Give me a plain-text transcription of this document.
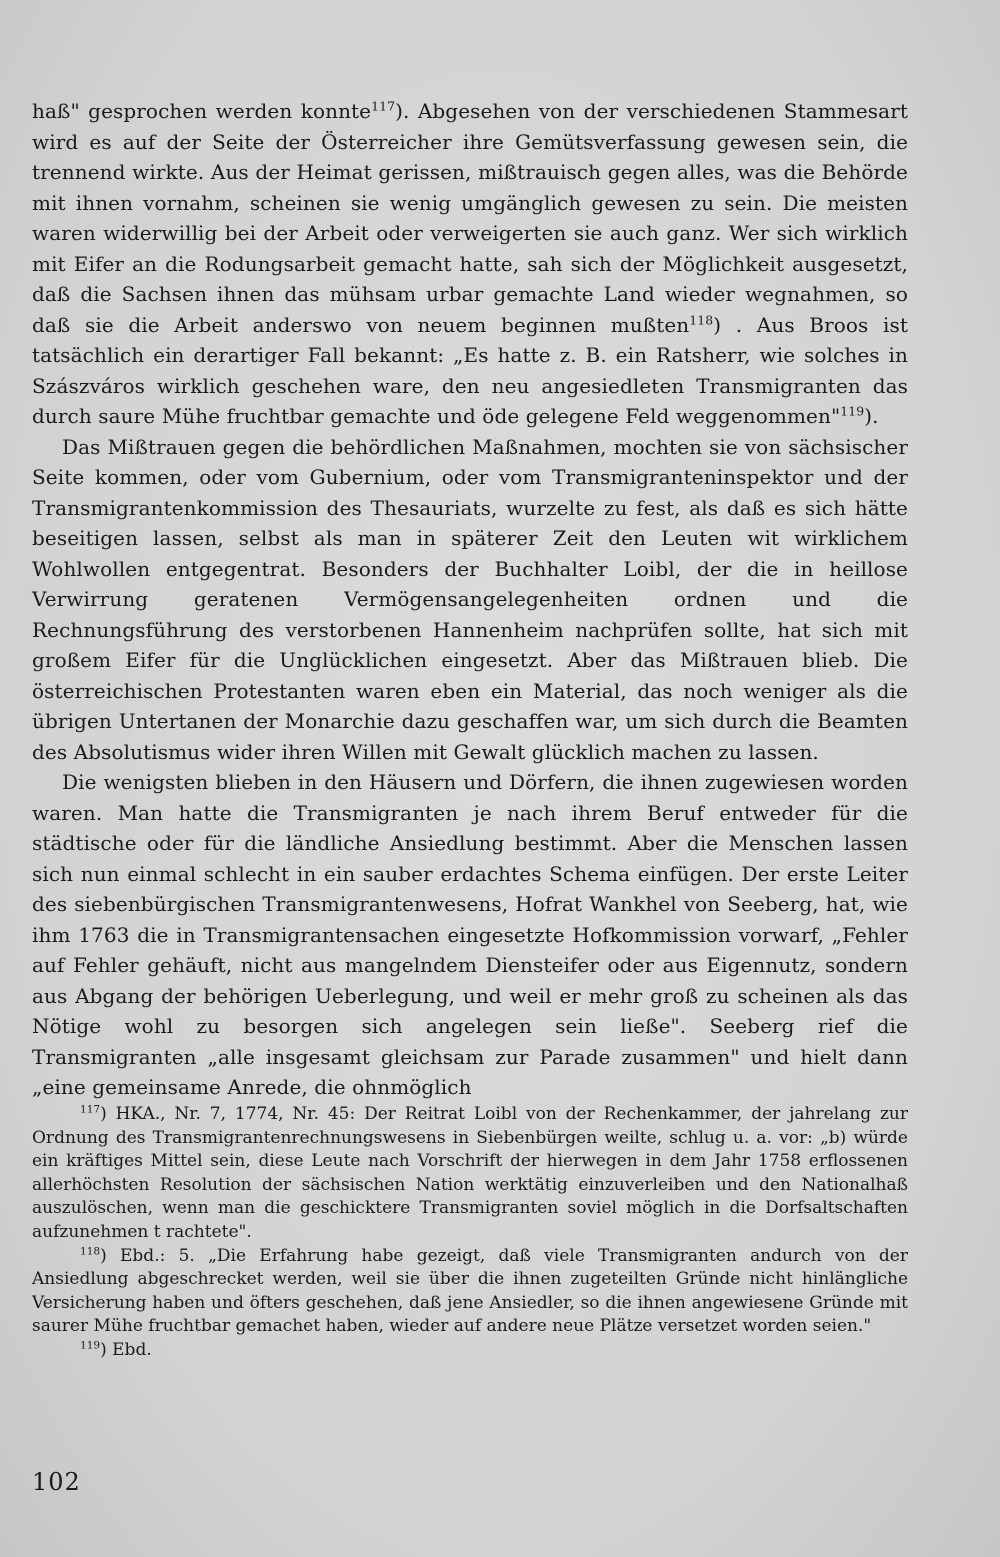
haß" gesprochen werden konnte$^{117}$). Abgesehen von der verschiedenen Stammesart wird es auf der Seite der Österreicher ihre Gemütsverfassung gewesen sein, die trennend wirkte. Aus der Heimat gerissen, mißtrauisch gegen alles, was die Behörde mit ihnen vornahm, scheinen sie wenig umgänglich gewesen zu sein. Die meisten waren widerwillig bei der Arbeit oder verweigerten sie auch ganz. Wer sich wirklich mit Eifer an die Rodungsarbeit gemacht hatte, sah sich der Möglichkeit ausgesetzt, daß die Sachsen ihnen das mühsam urbar gemachte Land wieder wegnahmen, so daß sie die Arbeit anderswo von neuem beginnen mußten$^{118}$) . Aus Broos ist tatsächlich ein derartiger Fall bekannt: „Es hatte z. B. ein Ratsherr, wie solches in Szászváros wirklich geschehen ware, den neu angesiedleten Transmigranten das durch saure Mühe fruchtbar gemachte und öde gelegene Feld weggenommen"$^{119}$).

Das Mißtrauen gegen die behördlichen Maßnahmen, mochten sie von sächsischer Seite kommen, oder vom Gubernium, oder vom Transmigranteninspektor und der Transmigrantenkommission des Thesauriats, wurzelte zu fest, als daß es sich hätte beseitigen lassen, selbst als man in späterer Zeit den Leuten wit wirklichem Wohlwollen entgegentrat. Besonders der Buchhalter Loibl, der die in heillose Verwirrung geratenen Vermögensangelegenheiten ordnen und die Rechnungsführung des verstorbenen Hannenheim nachprüfen sollte, hat sich mit großem Eifer für die Unglücklichen eingesetzt. Aber das Mißtrauen blieb. Die österreichischen Protestanten waren eben ein Material, das noch weniger als die übrigen Untertanen der Monarchie dazu geschaffen war, um sich durch die Beamten des Absolutismus wider ihren Willen mit Gewalt glücklich machen zu lassen.

Die wenigsten blieben in den Häusern und Dörfern, die ihnen zugewiesen worden waren. Man hatte die Transmigranten je nach ihrem Beruf entweder für die städtische oder für die ländliche Ansiedlung bestimmt. Aber die Menschen lassen sich nun einmal schlecht in ein sauber erdachtes Schema einfügen. Der erste Leiter des siebenbürgischen Transmigrantenwesens, Hofrat Wankhel von Seeberg, hat, wie ihm 1763 die in Transmigrantensachen eingesetzte Hofkommission vorwarf, „Fehler auf Fehler gehäuft, nicht aus mangelndem Diensteifer oder aus Eigennutz, sondern aus Abgang der behörigen Ueberlegung, und weil er mehr groß zu scheinen als das Nötige wohl zu besorgen sich angelegen sein ließe". Seeberg rief die Transmigranten „alle insgesamt gleichsam zur Parade zusammen" und hielt dann „eine gemeinsame Anrede, die ohnmöglich

$^{117}$) HKA., Nr. 7, 1774, Nr. 45: Der Reitrat Loibl von der Rechenkammer, der jahrelang zur Ordnung des Transmigrantenrechnungswesens in Siebenbürgen weilte, schlug u. a. vor: „b) würde ein kräftiges Mittel sein, diese Leute nach Vorschrift der hierwegen in dem Jahr 1758 erflossenen allerhöchsten Resolution der sächsischen Nation werktätig einzuverleiben und den Nationalhaß auszulöschen, wenn man die geschicktere Transmigranten soviel möglich in die Dorfsaltschaften aufzunehmen t rachtete".

$^{118}$) Ebd.: 5. „Die Erfahrung habe gezeigt, daß viele Transmigranten andurch von der Ansiedlung abgeschrecket werden, weil sie über die ihnen zugeteilten Gründe nicht hinlängliche Versicherung haben und öfters geschehen, daß jene Ansiedler, so die ihnen angewiesene Gründe mit saurer Mühe fruchtbar gemachet haben, wieder auf andere neue Plätze versetzet worden seien."

$^{119}$) Ebd.

102
